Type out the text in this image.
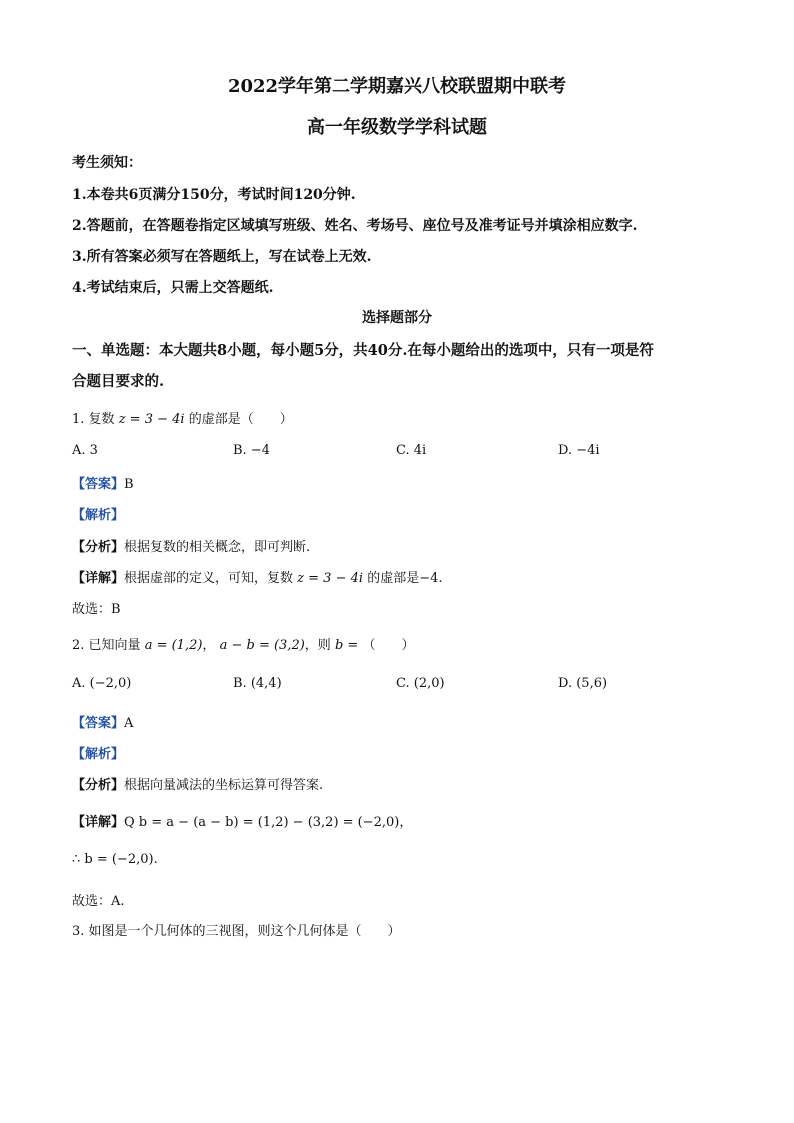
2022学年第二学期嘉兴八校联盟期中联考
高一年级数学学科试题
考生须知：
1.本卷共6页满分150分，考试时间120分钟.
2.答题前，在答题卷指定区域填写班级、姓名、考场号、座位号及准考证号并填涂相应数字.
3.所有答案必须写在答题纸上，写在试卷上无效.
4.考试结束后，只需上交答题纸.
选择题部分
一、单选题：本大题共8小题，每小题5分，共40分.在每小题给出的选项中，只有一项是符
合题目要求的.
1. 复数 z = 3 − 4i 的虚部是（　　）
A. 3	B. −4	C. 4i	D. −4i
【答案】B
【解析】
【分析】根据复数的相关概念，即可判断.
【详解】根据虚部的定义，可知，复数 z = 3 − 4i 的虚部是−4.
故选：B
2. 已知向量 a = (1,2)， a − b = (3,2)，则 b = （　　）
A. (−2,0)	B. (4,4)	C. (2,0)	D. (5,6)
【答案】A
【解析】
【分析】根据向量减法的坐标运算可得答案.
【详解】Q b = a − (a − b) = (1,2) − (3,2) = (−2,0)，
∴ b = (−2,0).
故选：A.
3. 如图是一个几何体的三视图，则这个几何体是（　　）
